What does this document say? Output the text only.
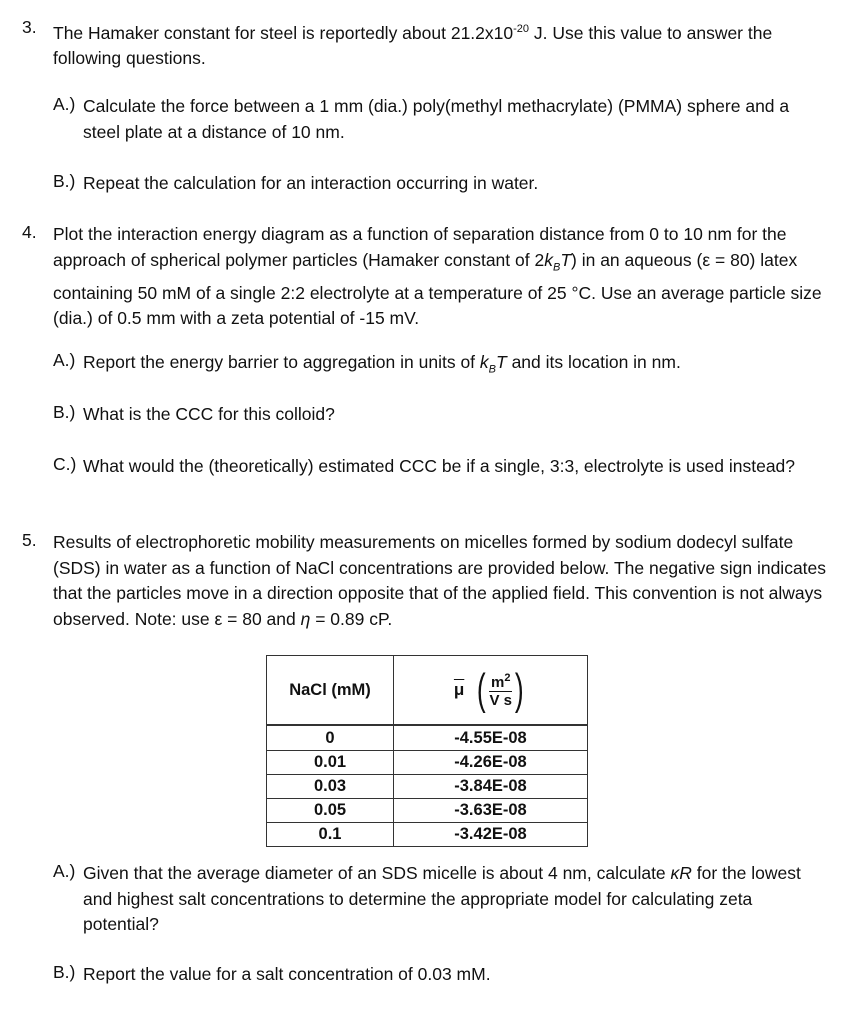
3. The Hamaker constant for steel is reportedly about $21.2x10^{-20}$ J. Use this value to answer the following questions.
A.) Calculate the force between a 1 mm (dia.) poly(methyl methacrylate) (PMMA) sphere and a steel plate at a distance of 10 nm.
B.) Repeat the calculation for an interaction occurring in water.
4. Plot the interaction energy diagram as a function of separation distance from 0 to 10 nm for the approach of spherical polymer particles (Hamaker constant of $2k_BT$) in an aqueous (ε = 80) latex containing 50 mM of a single 2:2 electrolyte at a temperature of 25 °C. Use an average particle size (dia.) of 0.5 mm with a zeta potential of -15 mV.
A.) Report the energy barrier to aggregation in units of $k_BT$ and its location in nm.
B.) What is the CCC for this colloid?
C.) What would the (theoretically) estimated CCC be if a single, 3:3, electrolyte is used instead?
5. Results of electrophoretic mobility measurements on micelles formed by sodium dodecyl sulfate (SDS) in water as a function of NaCl concentrations are provided below. The negative sign indicates that the particles move in a direction opposite that of the applied field. This convention is not always observed. Note: use ε = 80 and η = 0.89 cP.
NaCl (mM)	$\overline{\mu}$ ( $m^2$
V s )

0	-4.55E-08
0.01	-4.26E-08
0.03	-3.84E-08
0.05	-3.63E-08
0.1	-3.42E-08
A.) Given that the average diameter of an SDS micelle is about 4 nm, calculate κR for the lowest and highest salt concentrations to determine the appropriate model for calculating zeta potential?
B.) Report the value for a salt concentration of 0.03 mM.
